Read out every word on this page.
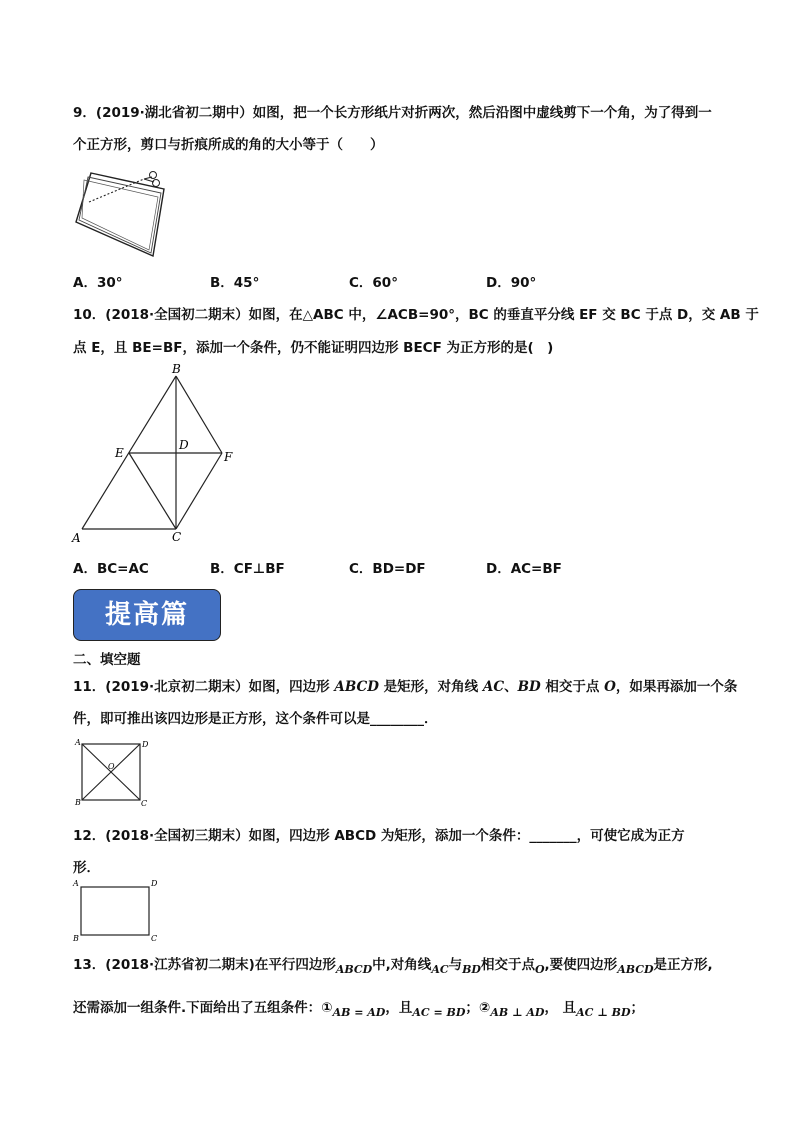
9．(2019·湖北省初二期中）如图，把一个长方形纸片对折两次，然后沿图中虚线剪下一个角，为了得到一
个正方形，剪口与折痕所成的角的大小等于（　　）
A．30°	B．45°	C．60°	D．90°
10．(2018·全国初二期末）如图，在△ABC 中，∠ACB=90°，BC 的垂直平分线 EF 交 BC 于点 D，交 AB 于
点 E，且 BE=BF，添加一个条件，仍不能证明四边形 BECF 为正方形的是(　)
B
D
E	F
A	C
A．BC=AC	B．CF⊥BF	C．BD=DF	D．AC=BF
提高篇
二、填空题
11．(2019·北京初二期末）如图，四边形 ABCD 是矩形，对角线 AC、BD 相交于点 O，如果再添加一个条
件，即可推出该四边形是正方形，这个条件可以是________．
A	D
O
B	C
12．(2018·全国初三期末）如图，四边形 ABCD 为矩形，添加一个条件：_______，可使它成为正方
形．
A	D
B	C
13．(2018·江苏省初二期末)在平行四边形$_{ABCD}$中,对角线$_{AC}$与$_{BD}$相交于点$_O$,要使四边形$_{ABCD}$是正方形,
还需添加一组条件.下面给出了五组条件：$①_{AB = AD}$，且$_{AC = BD}$；$②_{AB \perp AD}$， 且$_{AC \perp BD}$；
